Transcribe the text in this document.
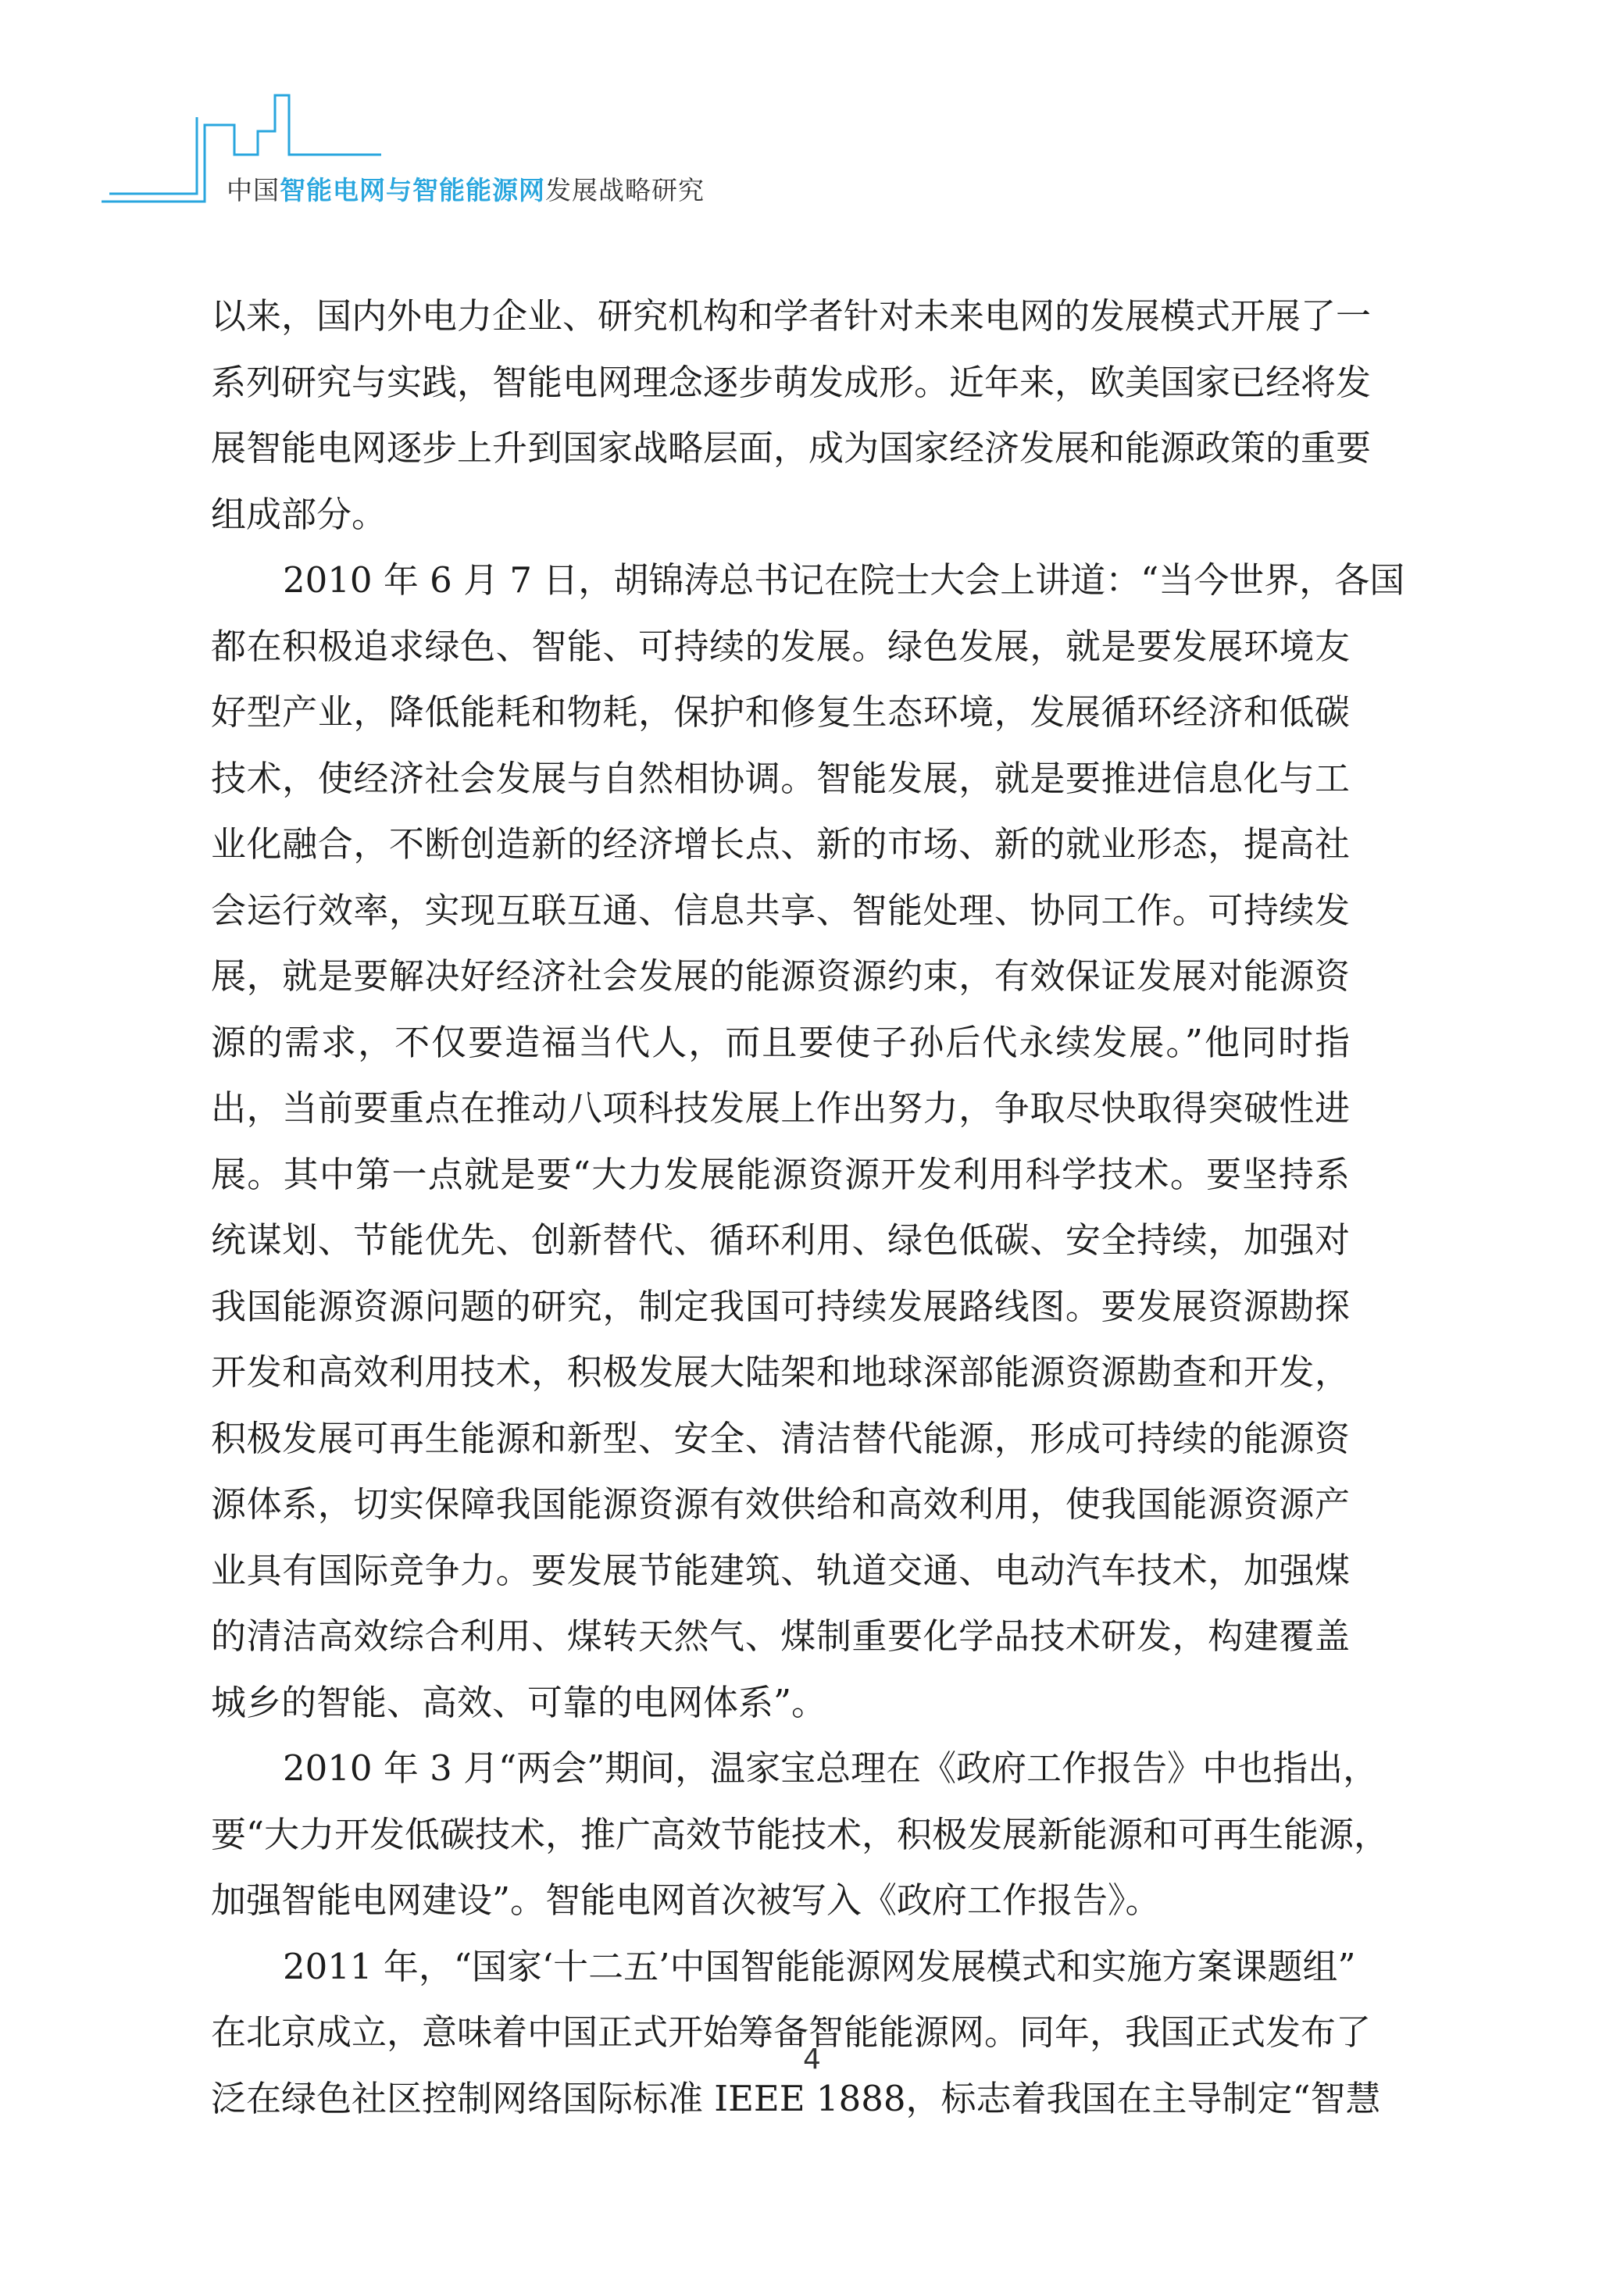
中国智能电网与智能能源网发展战略研究
以来，国内外电力企业、研究机构和学者针对未来电网的发展模式开展了一
系列研究与实践，智能电网理念逐步萌发成形。近年来，欧美国家已经将发
展智能电网逐步上升到国家战略层面，成为国家经济发展和能源政策的重要
组成部分。
2010 年 6 月 7 日，胡锦涛总书记在院士大会上讲道：“当今世界，各国
都在积极追求绿色、智能、可持续的发展。绿色发展，就是要发展环境友
好型产业，降低能耗和物耗，保护和修复生态环境，发展循环经济和低碳
技术，使经济社会发展与自然相协调。智能发展，就是要推进信息化与工
业化融合，不断创造新的经济增长点、新的市场、新的就业形态，提高社
会运行效率，实现互联互通、信息共享、智能处理、协同工作。可持续发
展，就是要解决好经济社会发展的能源资源约束，有效保证发展对能源资
源的需求，不仅要造福当代人，而且要使子孙后代永续发展。”他同时指
出，当前要重点在推动八项科技发展上作出努力，争取尽快取得突破性进
展。其中第一点就是要“大力发展能源资源开发利用科学技术。要坚持系
统谋划、节能优先、创新替代、循环利用、绿色低碳、安全持续，加强对
我国能源资源问题的研究，制定我国可持续发展路线图。要发展资源勘探
开发和高效利用技术，积极发展大陆架和地球深部能源资源勘查和开发，
积极发展可再生能源和新型、安全、清洁替代能源，形成可持续的能源资
源体系，切实保障我国能源资源有效供给和高效利用，使我国能源资源产
业具有国际竞争力。要发展节能建筑、轨道交通、电动汽车技术，加强煤
的清洁高效综合利用、煤转天然气、煤制重要化学品技术研发，构建覆盖
城乡的智能、高效、可靠的电网体系”。
2010 年 3 月“两会”期间，温家宝总理在《政府工作报告》中也指出，
要“大力开发低碳技术，推广高效节能技术，积极发展新能源和可再生能源，
加强智能电网建设”。智能电网首次被写入《政府工作报告》。
2011 年，“国家‘十二五’中国智能能源网发展模式和实施方案课题组”
在北京成立，意味着中国正式开始筹备智能能源网。同年，我国正式发布了
泛在绿色社区控制网络国际标准 IEEE 1888，标志着我国在主导制定“智慧
4
